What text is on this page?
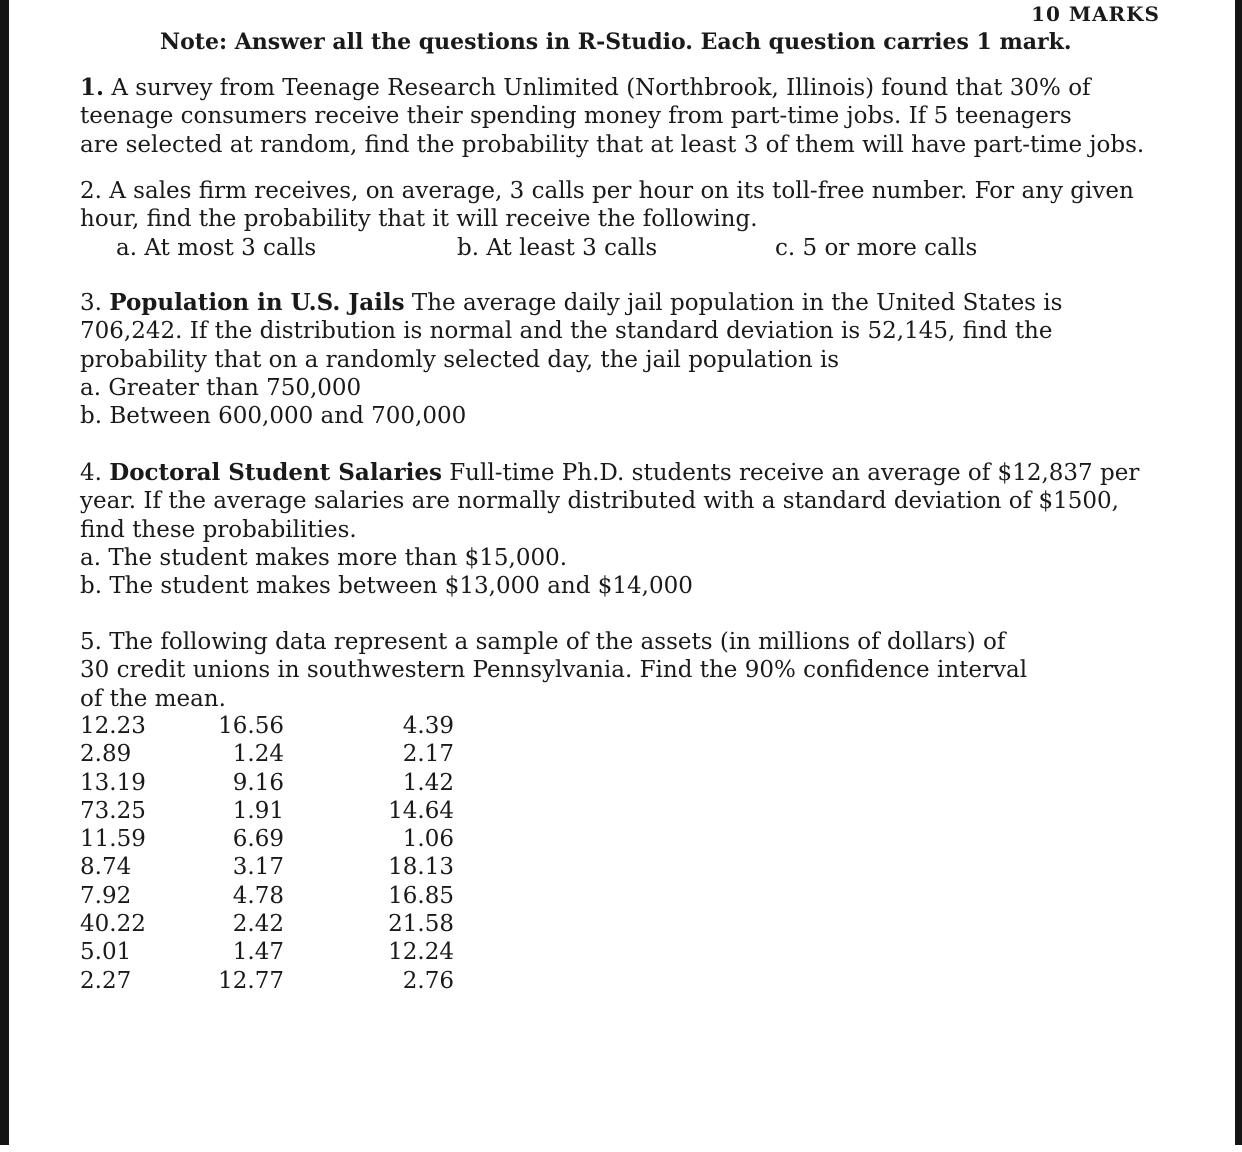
10 MARKS
Note: Answer all the questions in R-Studio. Each question carries 1 mark.

1. A survey from Teenage Research Unlimited (Northbrook, Illinois) found that 30% of

teenage consumers receive their spending money from part-time jobs. If 5 teenagers

are selected at random, find the probability that at least 3 of them will have part-time jobs.

2. A sales firm receives, on average, 3 calls per hour on its toll-free number. For any given

hour, find the probability that it will receive the following.

a. At most 3 calls	b. At least 3 calls	c. 5 or more calls

3. Population in U.S. Jails The average daily jail population in the United States is

706,242. If the distribution is normal and the standard deviation is 52,145, find the

probability that on a randomly selected day, the jail population is

a. Greater than 750,000

b. Between 600,000 and 700,000

4. Doctoral Student Salaries Full-time Ph.D. students receive an average of $12,837 per

year. If the average salaries are normally distributed with a standard deviation of $1500,

find these probabilities.

a. The student makes more than $15,000.

b. The student makes between $13,000 and $14,000

5. The following data represent a sample of the assets (in millions of dollars) of

30 credit unions in southwestern Pennsylvania. Find the 90% confidence interval

of the mean.

12.23	16.56	4.39
2.89	1.24	2.17
13.19	9.16	1.42
73.25	1.91	14.64
11.59	6.69	1.06
8.74	3.17	18.13
7.92	4.78	16.85
40.22	2.42	21.58
5.01	1.47	12.24
2.27	12.77	2.76
